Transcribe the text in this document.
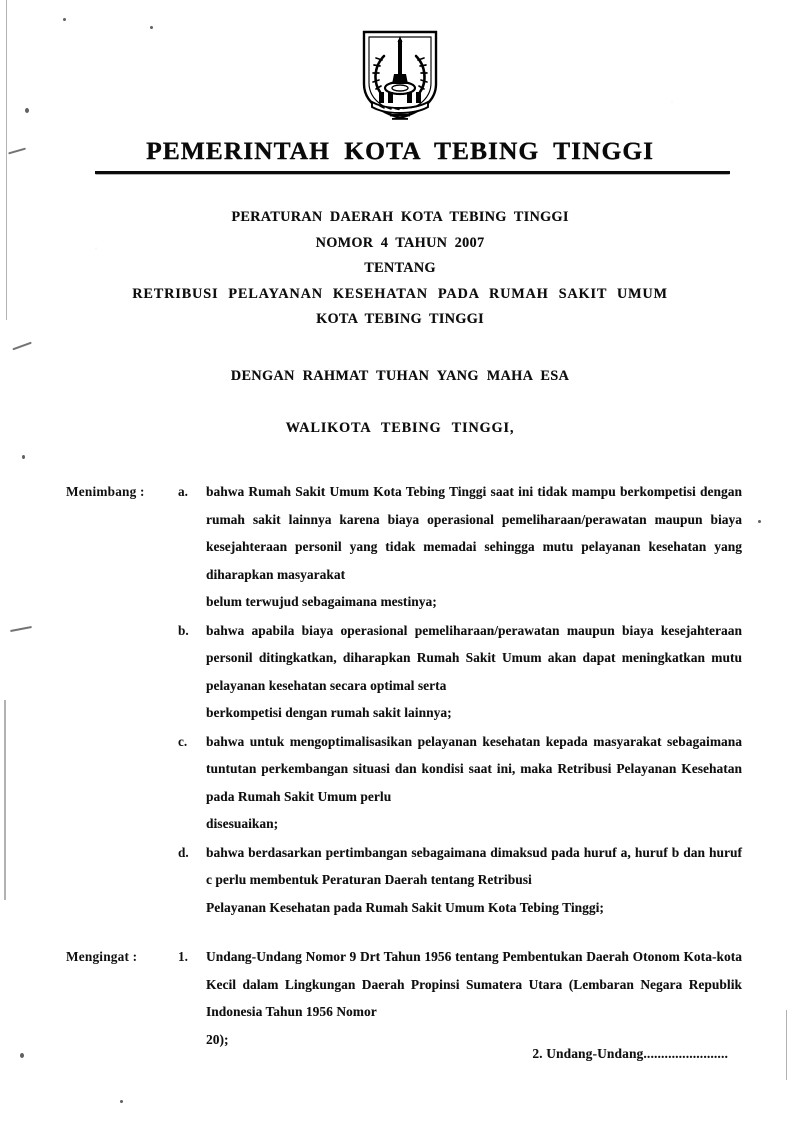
PEMERINTAH KOTA TEBING TINGGI
PERATURAN DAERAH KOTA TEBING TINGGI
NOMOR 4 TAHUN 2007
TENTANG
RETRIBUSI PELAYANAN KESEHATAN PADA RUMAH SAKIT UMUM
KOTA TEBING TINGGI
DENGAN RAHMAT TUHAN YANG MAHA ESA
WALIKOTA TEBING TINGGI,
Menimbang :	a.	bahwa Rumah Sakit Umum Kota Tebing Tinggi saat ini tidak mampu berkompetisi dengan rumah sakit lainnya karena biaya operasional pemeliharaan/perawatan maupun biaya kesejahteraan personil yang tidak memadai sehingga mutu pelayanan kesehatan yang diharapkan masyarakat
belum terwujud sebagaimana mestinya;
b.	bahwa apabila biaya operasional pemeliharaan/perawatan maupun biaya kesejahteraan personil ditingkatkan, diharapkan Rumah Sakit Umum akan dapat meningkatkan mutu pelayanan kesehatan secara optimal serta
berkompetisi dengan rumah sakit lainnya;
c.	bahwa untuk mengoptimalisasikan pelayanan kesehatan kepada masyarakat sebagaimana tuntutan perkembangan situasi dan kondisi saat ini, maka Retribusi Pelayanan Kesehatan pada Rumah Sakit Umum perlu
disesuaikan;
d.	bahwa berdasarkan pertimbangan sebagaimana dimaksud pada huruf a, huruf b dan huruf c perlu membentuk Peraturan Daerah tentang Retribusi
Pelayanan Kesehatan pada Rumah Sakit Umum Kota Tebing Tinggi;
Mengingat :	1.	Undang-Undang Nomor 9 Drt Tahun 1956 tentang Pembentukan Daerah Otonom Kota-kota Kecil dalam Lingkungan Daerah Propinsi Sumatera Utara (Lembaran Negara Republik Indonesia Tahun 1956 Nomor
20);
2. Undang-Undang........................
